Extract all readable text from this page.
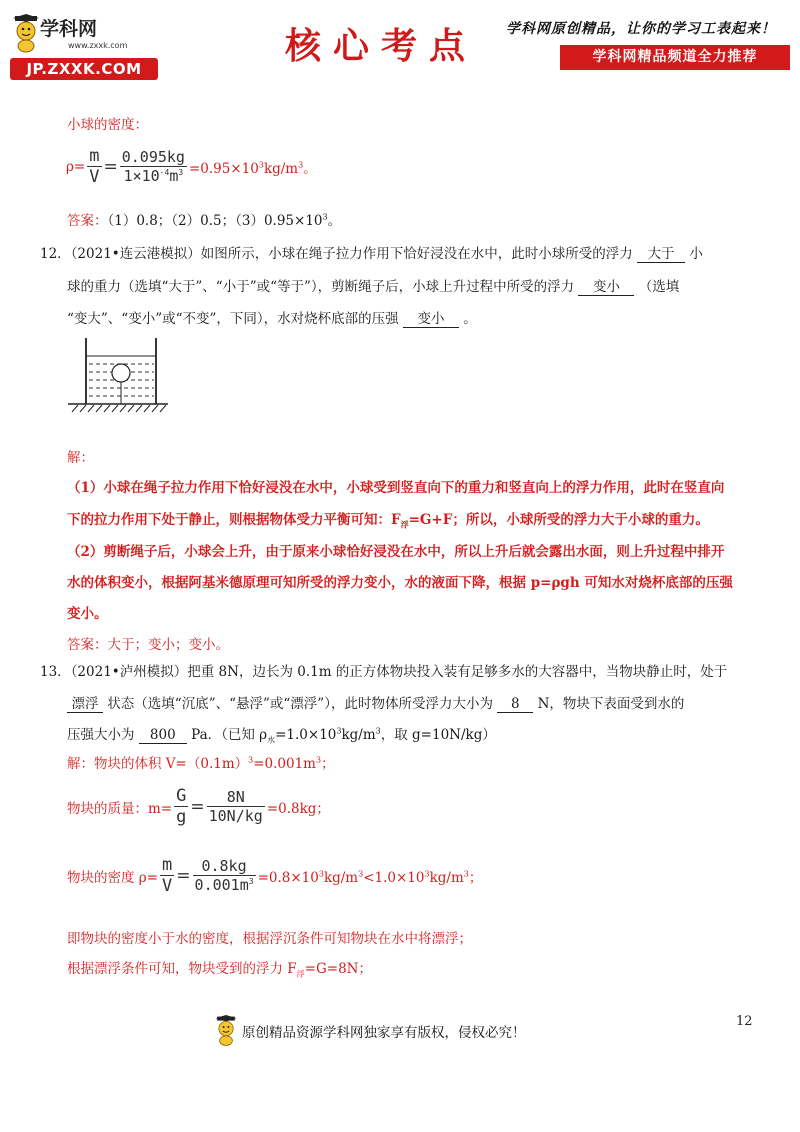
学科网
www.zxxk.com
JP.ZXXK.COM
核心考点 学科网原创精品，让你的学习工表起来！
学科网精品频道全力推荐
小球的密度：
$\rho= \frac{m}{V} = \frac{0.095kg}{1\times 10^{-4}m^3} =0.95\times 10^3kg/m^3$。
答案：（1）0.8；（2）0.5；$(3)0.95\times 10^3$。
12．（2021•连云港模拟）如图所示，小球在绳子拉力作用下恰好浸没在水中，此时小球所受的浮力 大于 小
球的重力（选填“大于”、“小于”或“等于”），剪断绳子后，小球上升过程中所受的浮力 变小 （选填
“变大”、“变小”或“不变”，下同），水对烧杯底部的压强 变小 。
解：
（1）小球在绳子拉力作用下恰好浸没在水中，小球受到竖直向下的重力和竖直向上的浮力作用，此时在竖直向
下的拉力作用下处于静止，则根据物体受力平衡可知：$F_浮=G+F$；所以，小球所受的浮力大于小球的重力。
（2）剪断绳子后，小球会上升，由于原来小球恰好浸没在水中，所以上升后就会露出水面，则上升过程中排开
水的体积变小，根据阿基米德原理可知所受的浮力变小，水的液面下降，根据 p=ρgh 可知水对烧杯底部的压强
变小。
答案：大于；变小；变小。
13．（2021•泸州模拟）把重 8N，边长为 0.1m 的正方体物块投入装有足够多水的大容器中，当物块静止时，处于
漂浮 状态（选填“沉底”、“悬浮”或“漂浮”），此时物体所受浮力大小为 8 N，物块下表面受到水的
压强大小为 800 Pa．（已知 $\rho_水=1.0\times 10^3kg/m^3$，取 g=10N/kg）
解：物块的体积 $V=(0.1m)^3=0.001m^3$；
物块的质量：$m= \frac{G}{g} = \frac{8N}{10N/kg} =0.8kg$；
物块的密度 $\rho= \frac{m}{V} = \frac{0.8kg}{0.001m^3} =0.8\times 10^3kg/m^3<1.0\times 10^3kg/m^3$；
即物块的密度小于水的密度，根据浮沉条件可知物块在水中将漂浮；
根据漂浮条件可知，物块受到的浮力 $F_浮=G=8N$；
原创精品资源学科网独家享有版权，侵权必究！
12
